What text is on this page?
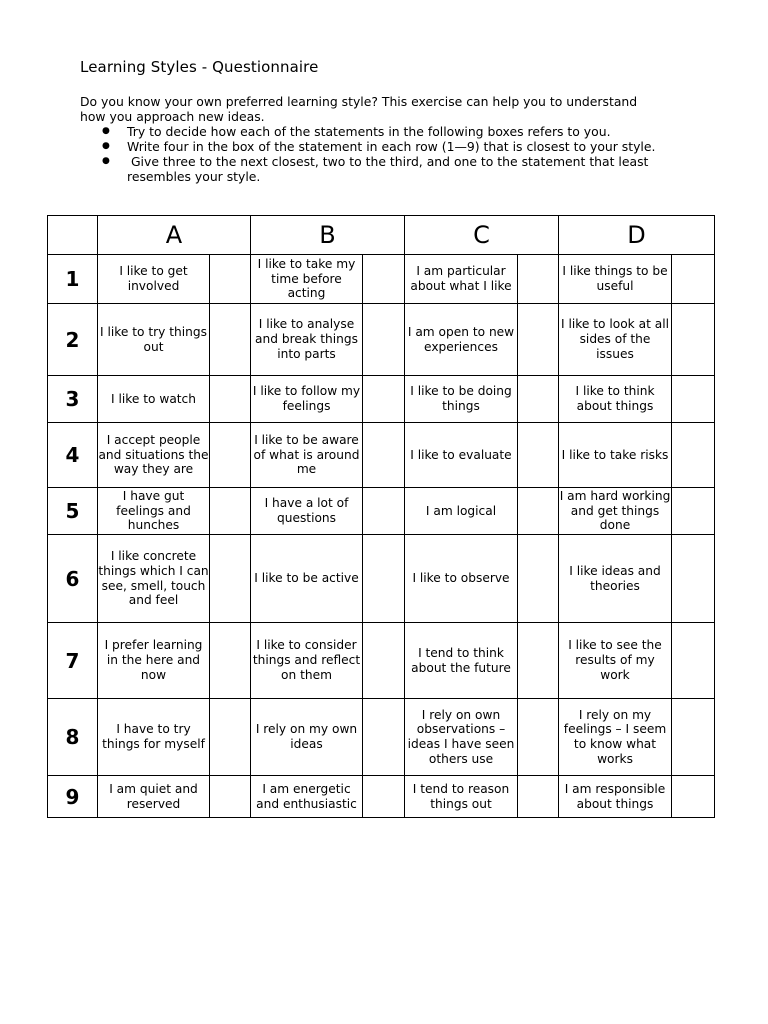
Learning Styles - Questionnaire

Do you know your own preferred learning style? This exercise can help you to understand how you approach new ideas.

● Try to decide how each of the statements in the following boxes refers to you.
● Write four in the box of the statement in each row (1—9) that is closest to your style.
● Give three to the next closest, two to the third, and one to the statement that least resembles your style.
	A		B		C		D	
1	I like to get involved		I like to take my time before acting		I am particular about what I like		I like things to be useful	
2	I like to try things out		I like to analyse and break things into parts		I am open to new experiences		I like to look at all sides of the issues	
3	I like to watch		I like to follow my feelings		I like to be doing things		I like to think about things	
4	I accept people and situations the way they are		I like to be aware of what is around me		I like to evaluate		I like to take risks	
5	I have gut feelings and hunches		I have a lot of questions		I am logical		I am hard working and get things done	
6	I like concrete things which I can see, smell, touch and feel		I like to be active		I like to observe		I like ideas and theories	
7	I prefer learning in the here and now		I like to consider things and reflect on them		I tend to think about the future		I like to see the results of my work	
8	I have to try things for myself		I rely on my own ideas		I rely on own observations – ideas I have seen others use		I rely on my feelings – I seem to know what works	
9	I am quiet and reserved		I am energetic and enthusiastic		I tend to reason things out		I am responsible about things	
